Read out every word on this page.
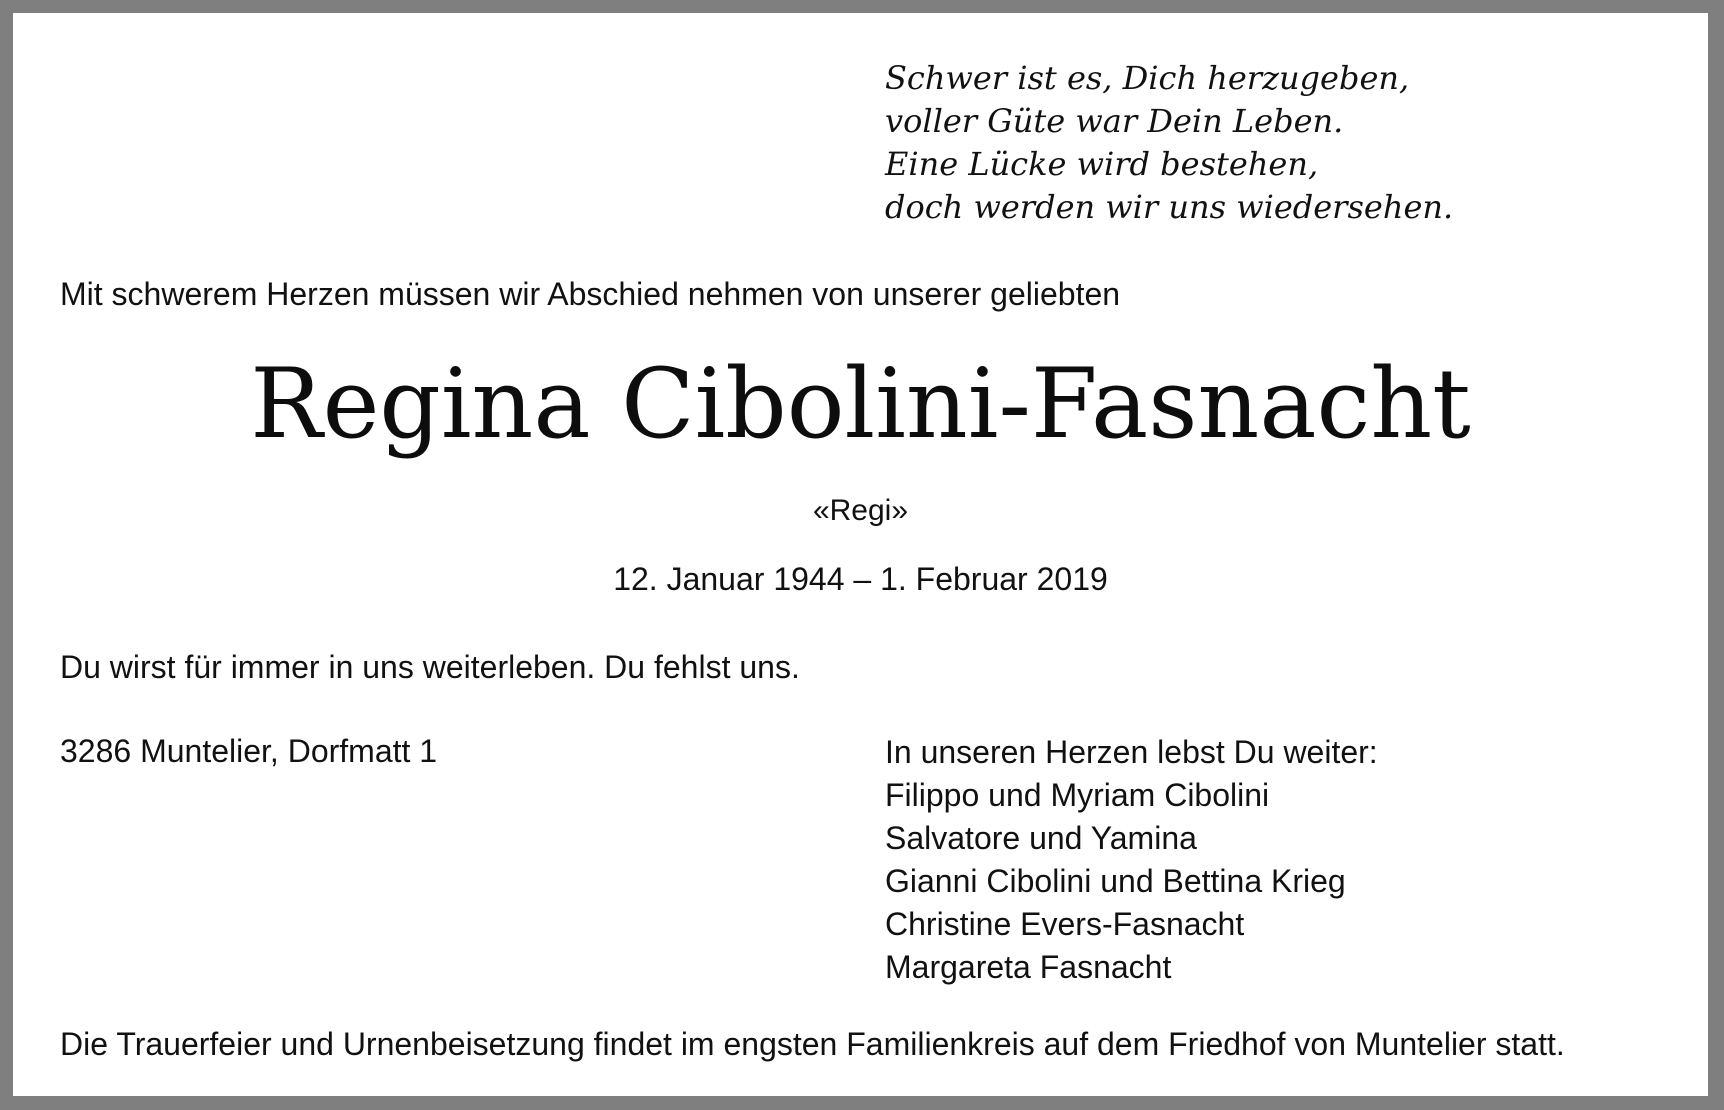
Schwer ist es, Dich herzugeben,
voller Güte war Dein Leben.
Eine Lücke wird bestehen,
doch werden wir uns wiedersehen.
Mit schwerem Herzen müssen wir Abschied nehmen von unserer geliebten
Regina Cibolini-Fasnacht
«Regi»
12. Januar 1944 – 1. Februar 2019
Du wirst für immer in uns weiterleben. Du fehlst uns.
3286 Muntelier, Dorfmatt 1	In unseren Herzen lebst Du weiter:
Filippo und Myriam Cibolini
Salvatore und Yamina
Gianni Cibolini und Bettina Krieg
Christine Evers-Fasnacht
Margareta Fasnacht
Die Trauerfeier und Urnenbeisetzung findet im engsten Familienkreis auf dem Friedhof von Muntelier statt.
